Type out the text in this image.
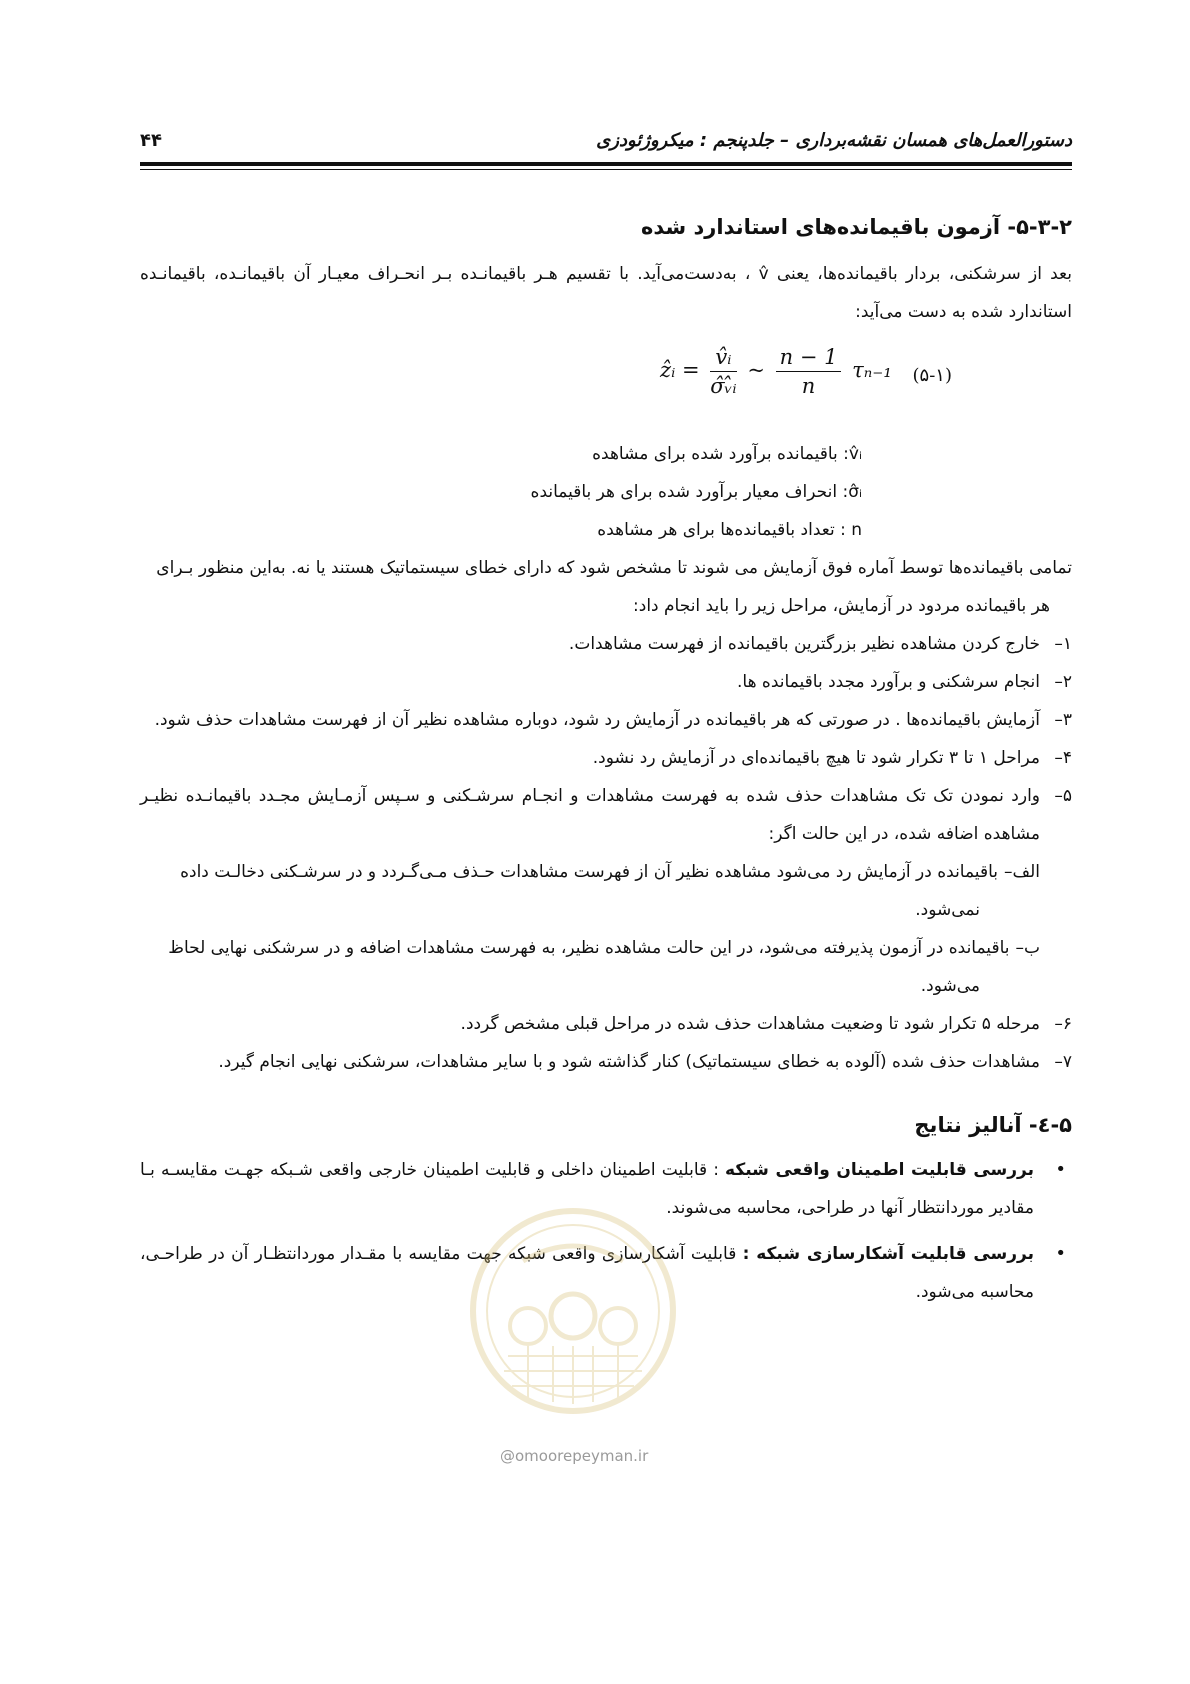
دستورالعمل‌های همسان نقشه‌برداری – جلدپنجم : میکروژئودزی
۴۴
۵-۳-۲- آزمون باقیمانده‌های استاندارد شده

بعد از سرشکنی، بردار باقیمانده‌ها، یعنی v̂ ، به‌دست‌می‌آید. با تقسیم هـر باقیمانـده بـر انحـراف معیـار آن باقیمانـده، باقیمانـده استاندارد شده به دست می‌آید:

ẑᵢ = $\frac{\text{v̂ᵢ}}{\text{σ̂ᵥ̂ᵢ}}$ ~ $\frac{n - 1}{n} \tau_{n-1}$ (۵-۱)

v̂ᵢ: باقیمانده برآورد شده برای مشاهده

σ̂ᵢ: انحراف معیار برآورد شده برای هر باقیمانده

n : تعداد باقیمانده‌ها برای هر مشاهده

تمامی باقیمانده‌ها توسط آماره فوق آزمایش می شوند تا مشخص شود که دارای خطای سیستماتیک هستند یا نه. به‌این منظور بـرای

هر باقیمانده مردود در آزمایش، مراحل زیر را باید انجام داد:

۱–
خارج کردن مشاهده نظیر بزرگترین باقیمانده از فهرست مشاهدات.
۲–
انجام سرشکنی و برآورد مجدد باقیمانده ها.
۳–
آزمایش باقیمانده‌ها . در صورتی که هر باقیمانده در آزمایش رد شود، دوباره مشاهده نظیر آن از فهرست مشاهدات حذف شود.
۴–
مراحل ۱ تا ۳ تکرار شود تا هیچ باقیمانده‌ای در آزمایش رد نشود.
۵–
وارد نمودن تک تک مشاهدات حذف شده به فهرست مشاهدات و انجـام سرشـکنی و سـپس آزمـایش مجـدد باقیمانـده نظیـر مشاهده اضافه شده، در این حالت اگر:

الف–باقیمانده در آزمایش رد می‌شود مشاهده نظیر آن از فهرست مشاهدات حـذف مـی‌گـردد و در سرشـکنی دخالـت داده

نمی‌شود.

ب–باقیمانده در آزمون پذیرفته می‌شود، در این حالت مشاهده نظیر، به فهرست مشاهدات اضافه و در سرشکنی نهایی لحاظ

می‌شود.

۶–
مرحله ۵ تکرار شود تا وضعیت مشاهدات حذف شده در مراحل قبلی مشخص گردد.
۷–
مشاهدات حذف شده (آلوده به خطای سیستماتیک) کنار گذاشته شود و با سایر مشاهدات، سرشکنی نهایی انجام گیرد.
۵-٤- آنالیز نتایج
•
بررسی قابلیت اطمینان واقعی شبکه : قابلیت اطمینان داخلی و قابلیت اطمینان خارجی واقعی شـبکه جهـت مقایسـه بـا مقادیر موردانتظار آنها در طراحی، محاسبه می‌شوند.
•
بررسی قابلیت آشکارسازی شبکه : قابلیت آشکارسازی واقعی شبکه جهت مقایسه با مقـدار موردانتظـار آن در طراحـی، محاسبه می‌شود.
@omoorepeyman.ir
